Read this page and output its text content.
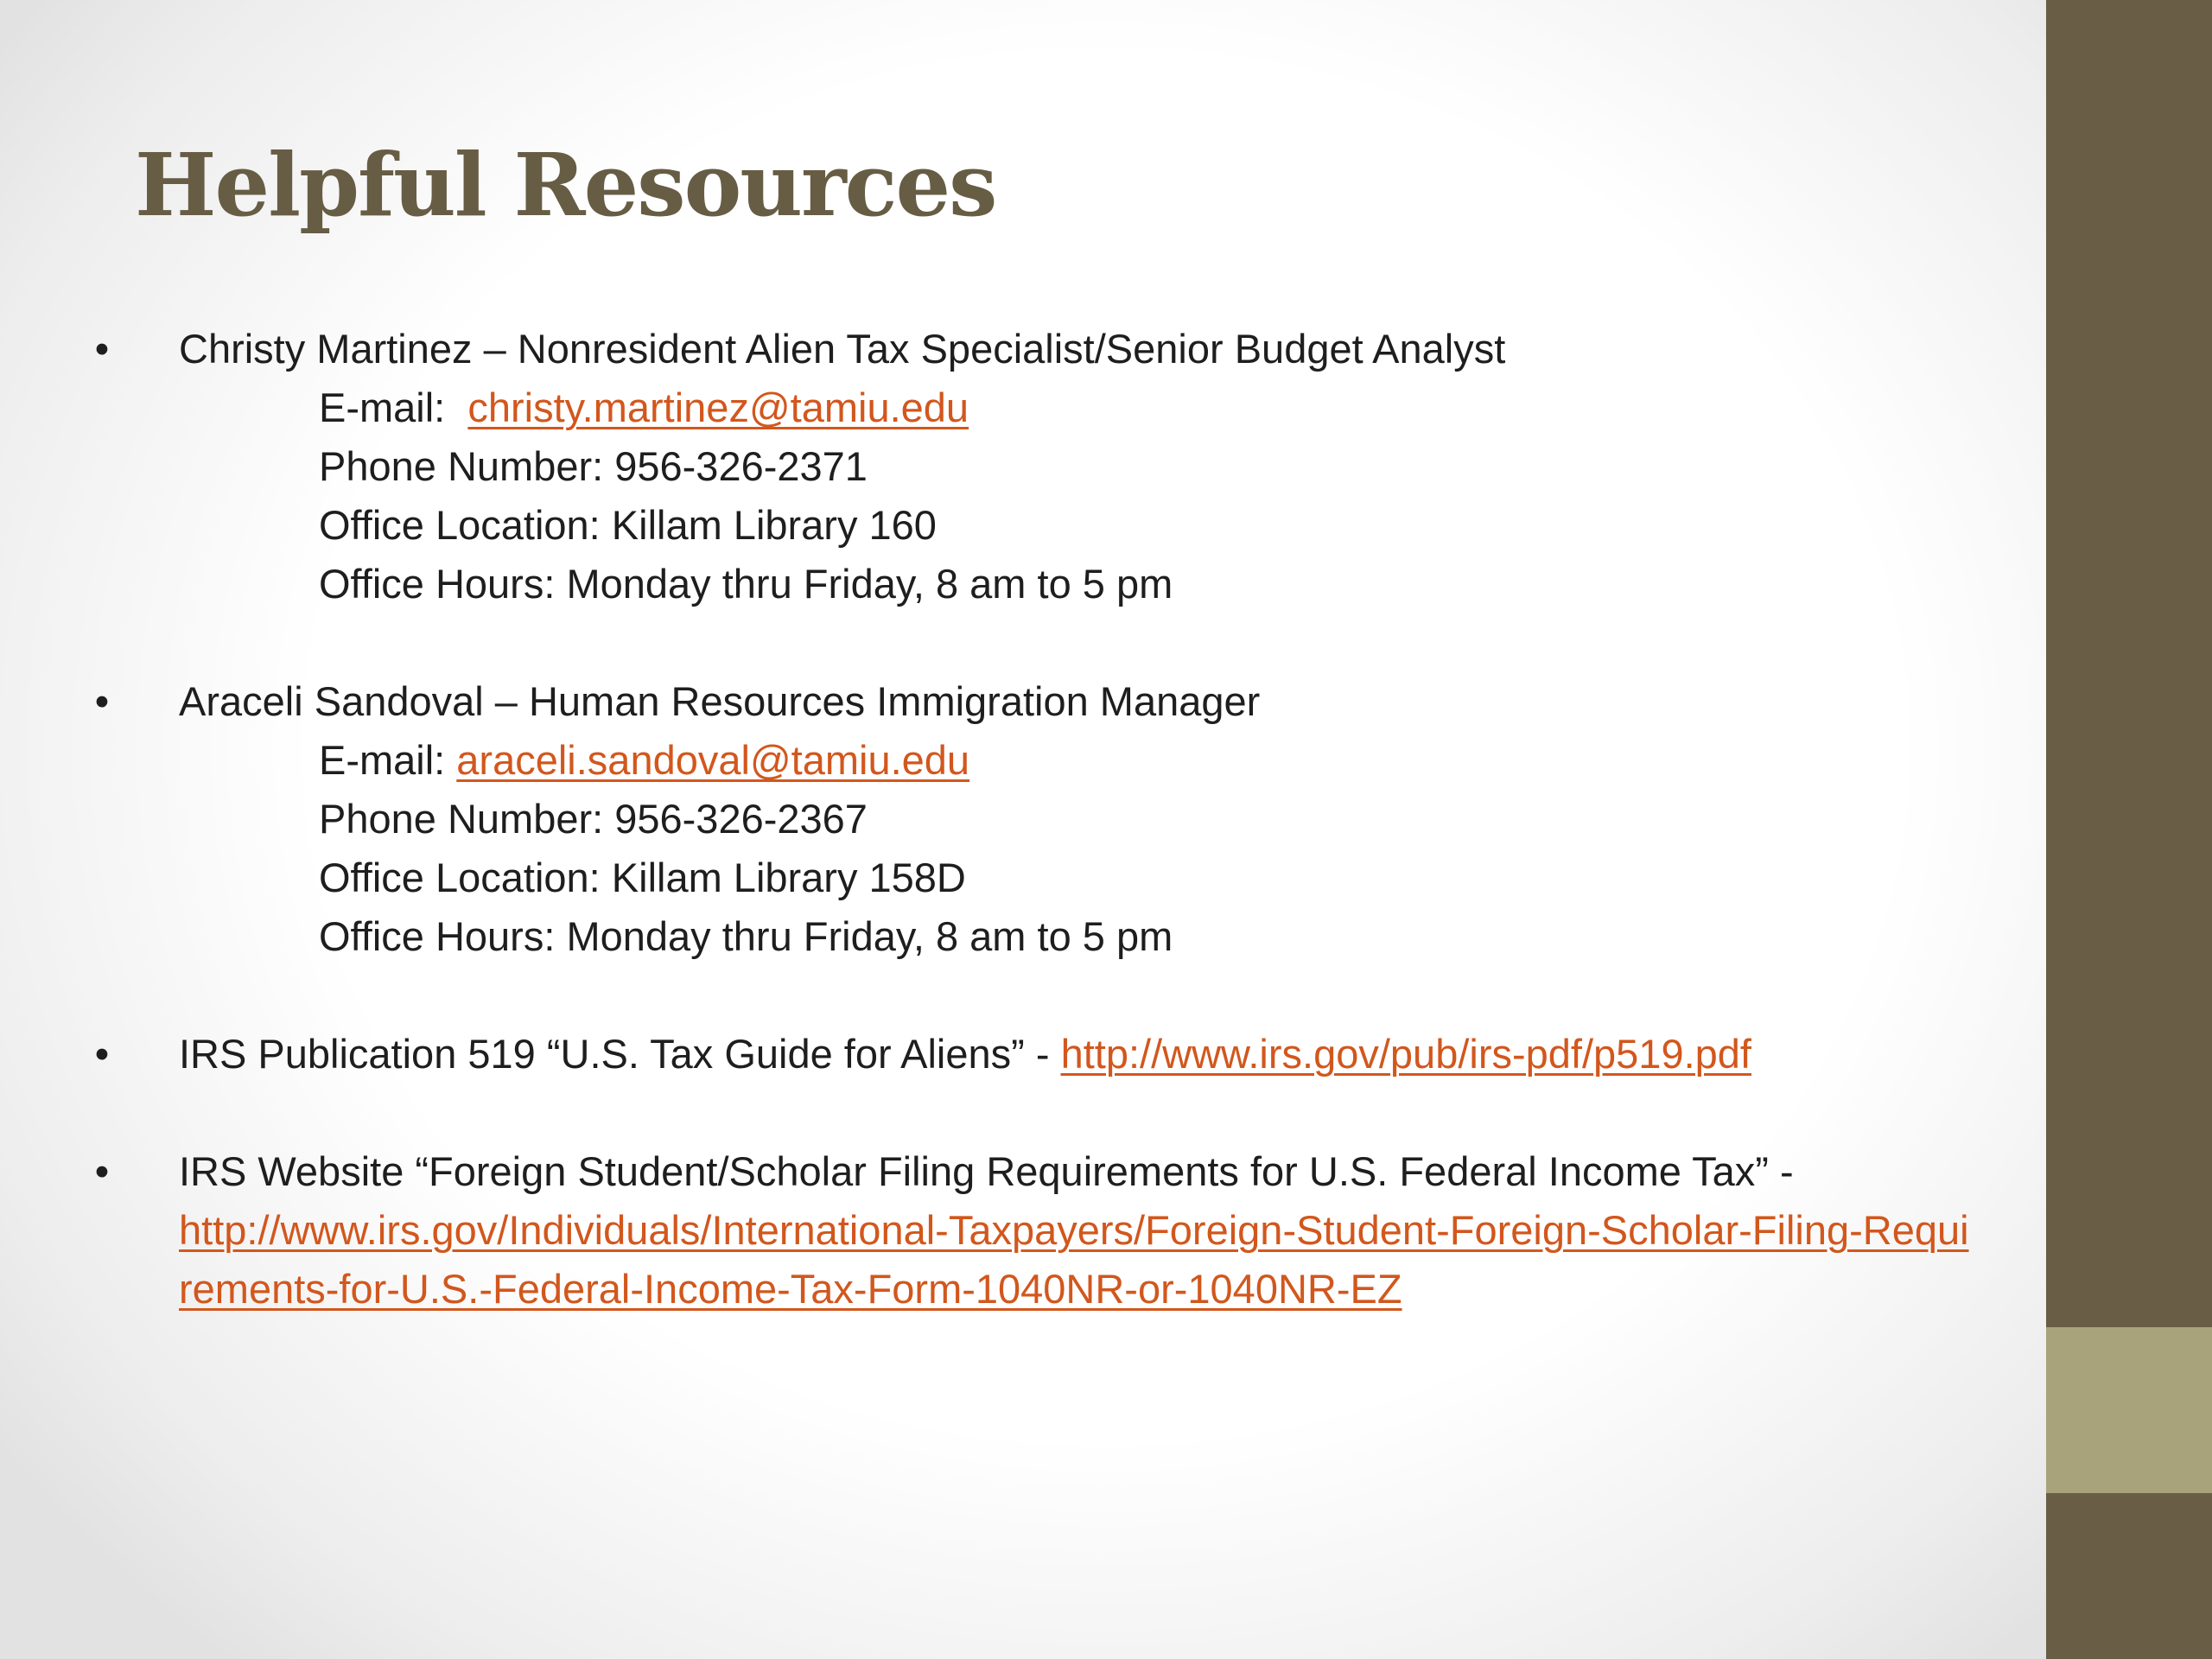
Helpful Resources
• Christy Martinez – Nonresident Alien Tax Specialist/Senior Budget Analyst
E-mail:  christy.martinez@tamiu.edu
Phone Number: 956-326-2371
Office Location: Killam Library 160
Office Hours: Monday thru Friday, 8 am to 5 pm
• Araceli Sandoval – Human Resources Immigration Manager
E-mail: araceli.sandoval@tamiu.edu
Phone Number: 956-326-2367
Office Location: Killam Library 158D
Office Hours: Monday thru Friday, 8 am to 5 pm
• IRS Publication 519 “U.S. Tax Guide for Aliens” - http://www.irs.gov/pub/irs-pdf/p519.pdf
• IRS Website “Foreign Student/Scholar Filing Requirements for U.S. Federal Income Tax” -
http://www.irs.gov/Individuals/International-Taxpayers/Foreign-Student-Foreign-Scholar-Filing-Requirements-for-U.S.-Federal-Income-Tax-Form-1040NR-or-1040NR-EZ
